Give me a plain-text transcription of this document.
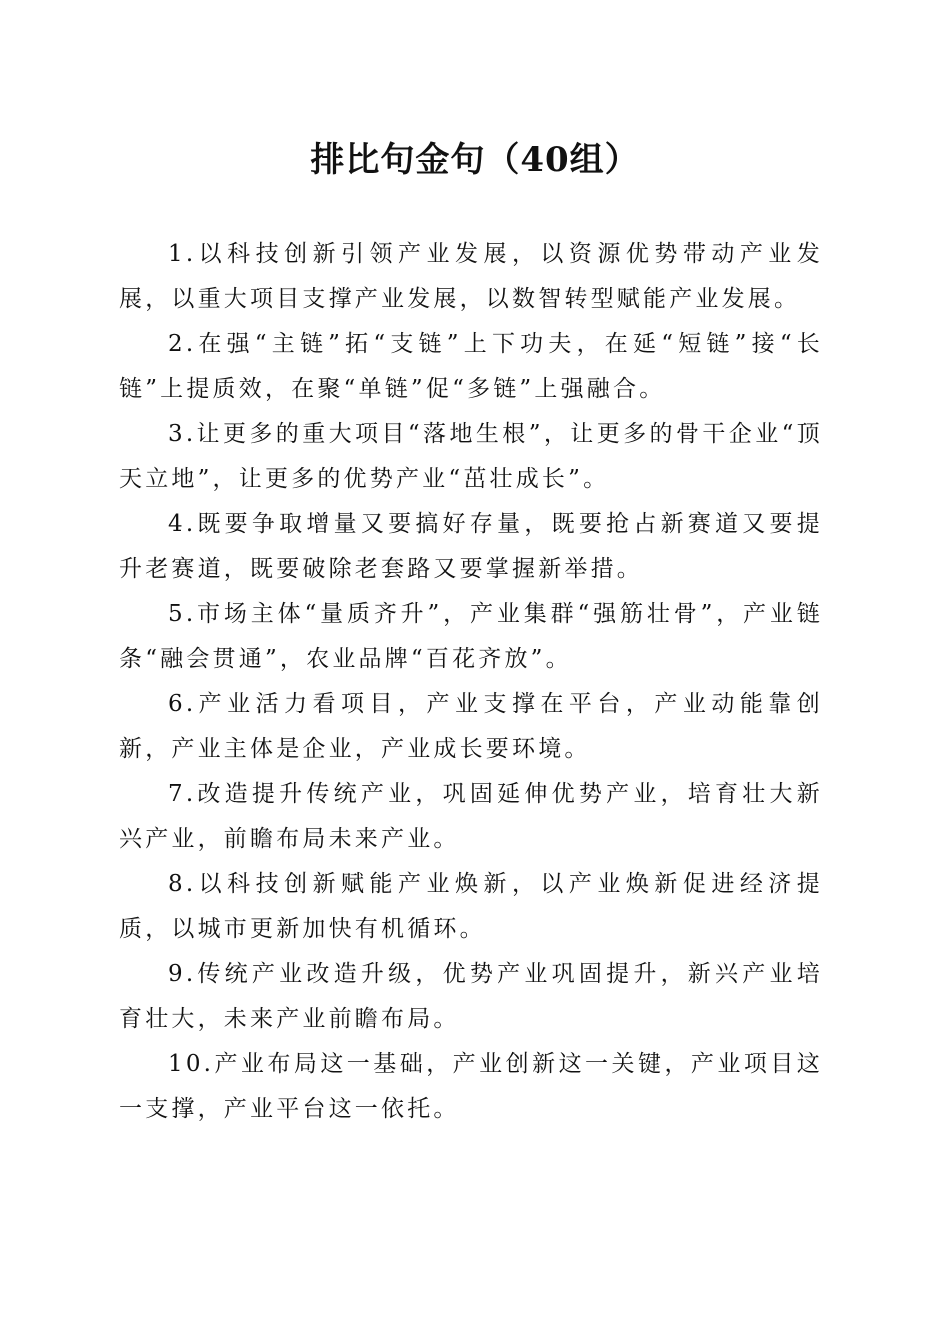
排比句金句（40组）

1.以科技创新引领产业发展，以资源优势带动产业发展，以重大项目支撑产业发展，以数智转型赋能产业发展。

2.在强“主链”拓“支链”上下功夫，在延“短链”接“长链”上提质效，在聚“单链”促“多链”上强融合。

3.让更多的重大项目“落地生根”，让更多的骨干企业“顶天立地”，让更多的优势产业“茁壮成长”。

4.既要争取增量又要搞好存量，既要抢占新赛道又要提升老赛道，既要破除老套路又要掌握新举措。

5.市场主体“量质齐升”，产业集群“强筋壮骨”，产业链条“融会贯通”，农业品牌“百花齐放”。

6.产业活力看项目，产业支撑在平台，产业动能靠创新，产业主体是企业，产业成长要环境。

7.改造提升传统产业，巩固延伸优势产业，培育壮大新兴产业，前瞻布局未来产业。

8.以科技创新赋能产业焕新，以产业焕新促进经济提质，以城市更新加快有机循环。

9.传统产业改造升级，优势产业巩固提升，新兴产业培育壮大，未来产业前瞻布局。

10.产业布局这一基础，产业创新这一关键，产业项目这一支撑，产业平台这一依托。
